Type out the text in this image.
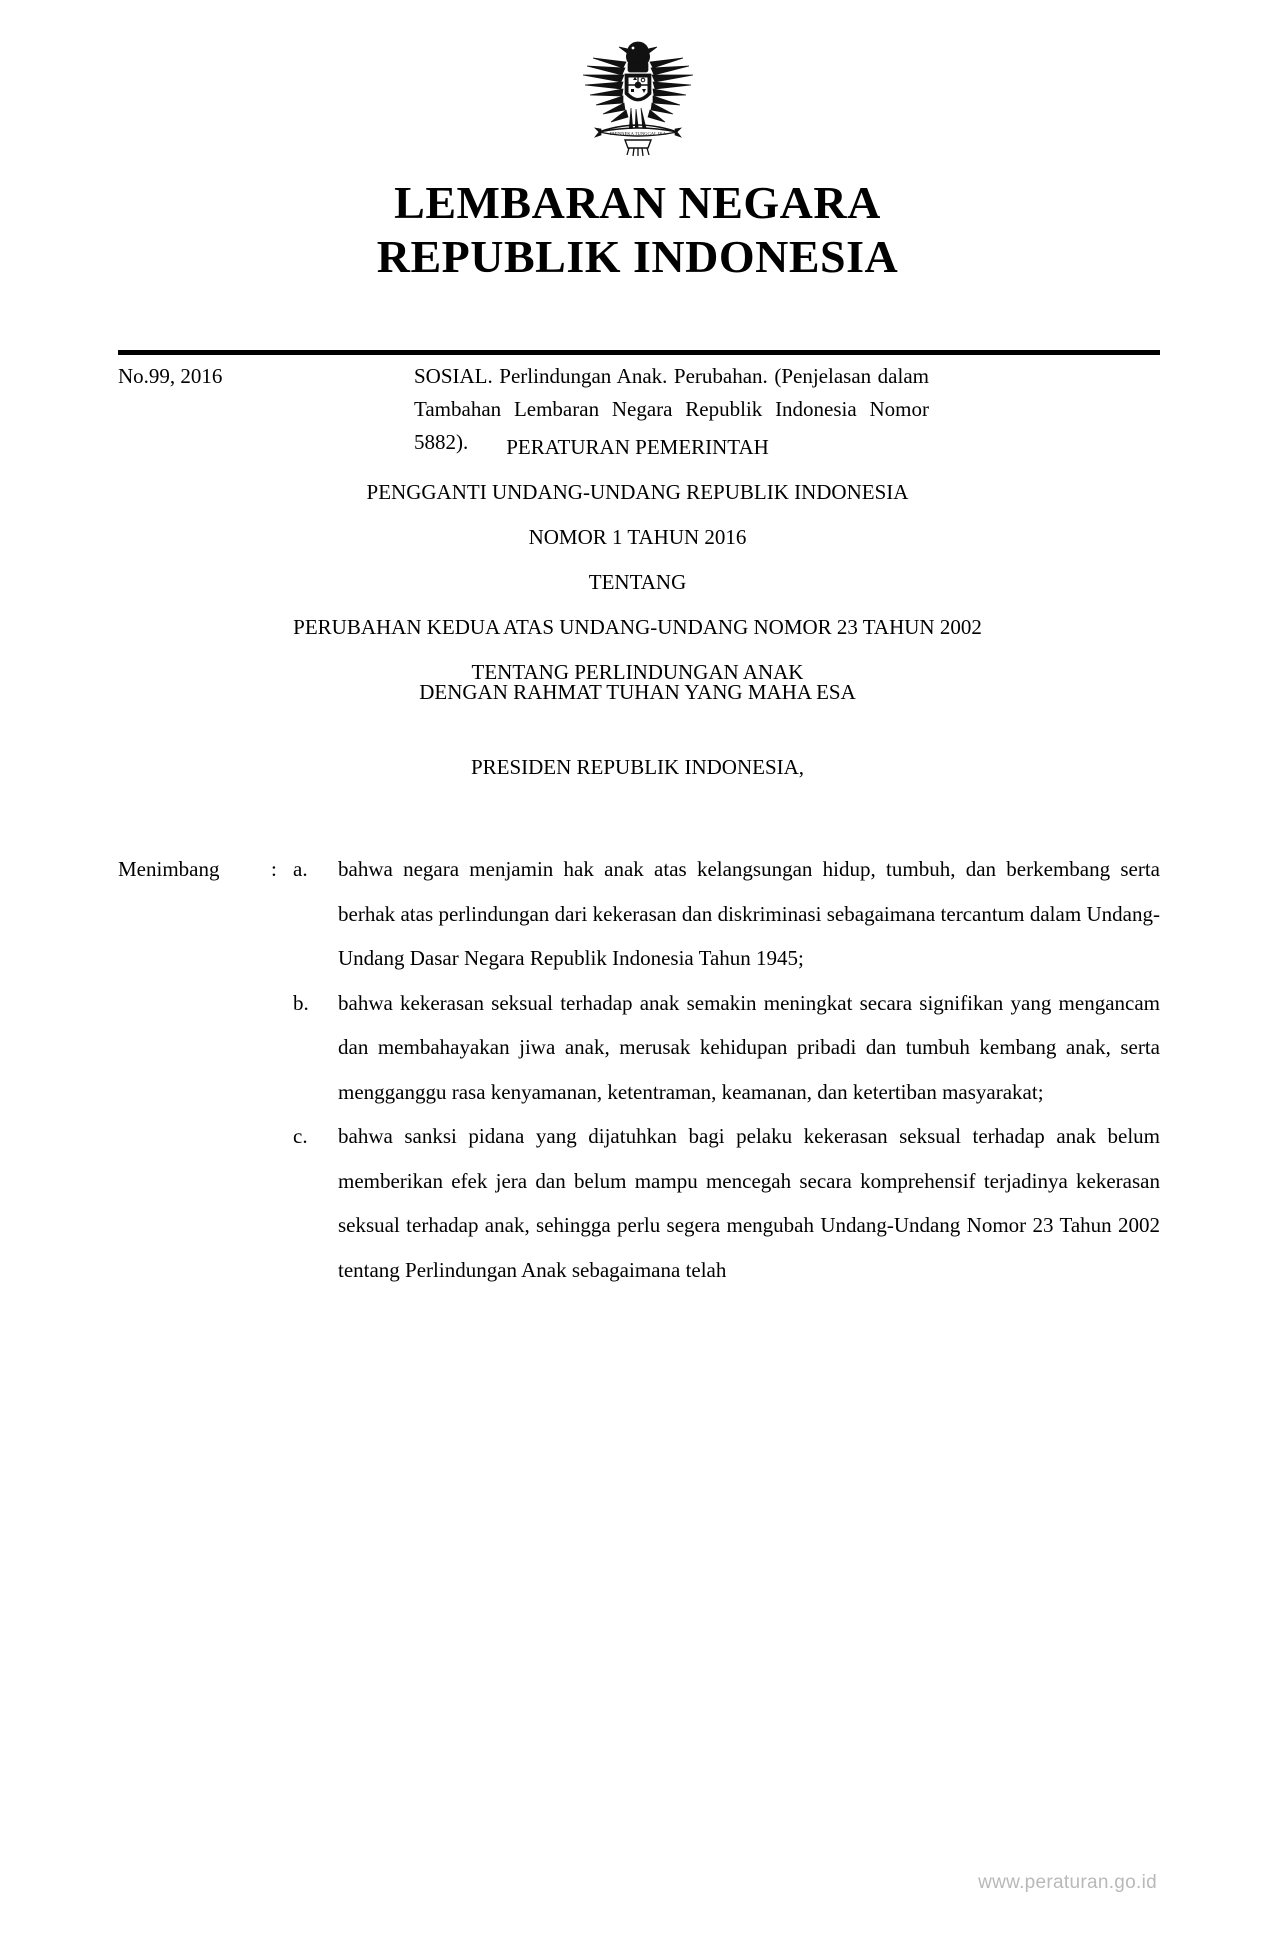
BHINNEKA TUNGGAL IKA
LEMBARAN NEGARA
REPUBLIK INDONESIA
No.99, 2016	SOSIAL. Perlindungan Anak. Perubahan. (Penjelasan dalam Tambahan Lembaran Negara Republik Indonesia Nomor 5882).	PERATURAN PEMERINTAH
PENGGANTI UNDANG-UNDANG REPUBLIK INDONESIA
NOMOR 1 TAHUN 2016
TENTANG
PERUBAHAN KEDUA ATAS UNDANG-UNDANG NOMOR 23 TAHUN 2002
TENTANG PERLINDUNGAN ANAK
DENGAN RAHMAT TUHAN YANG MAHA ESA
PRESIDEN REPUBLIK INDONESIA,
Menimbang	: a.	bahwa negara menjamin hak anak atas kelangsungan hidup, tumbuh, dan berkembang serta berhak atas perlindungan dari kekerasan dan diskriminasi sebagaimana tercantum dalam Undang-Undang Dasar Negara Republik Indonesia Tahun 1945;
b.	bahwa kekerasan seksual terhadap anak semakin meningkat secara signifikan yang mengancam dan membahayakan jiwa anak, merusak kehidupan pribadi dan tumbuh kembang anak, serta mengganggu rasa kenyamanan, ketentraman, keamanan, dan ketertiban masyarakat;
c.	bahwa sanksi pidana yang dijatuhkan bagi pelaku kekerasan seksual terhadap anak belum memberikan efek jera dan belum mampu mencegah secara komprehensif terjadinya kekerasan seksual terhadap anak, sehingga perlu segera mengubah Undang-Undang Nomor 23 Tahun 2002 tentang Perlindungan Anak sebagaimana telah
www.peraturan.go.id
